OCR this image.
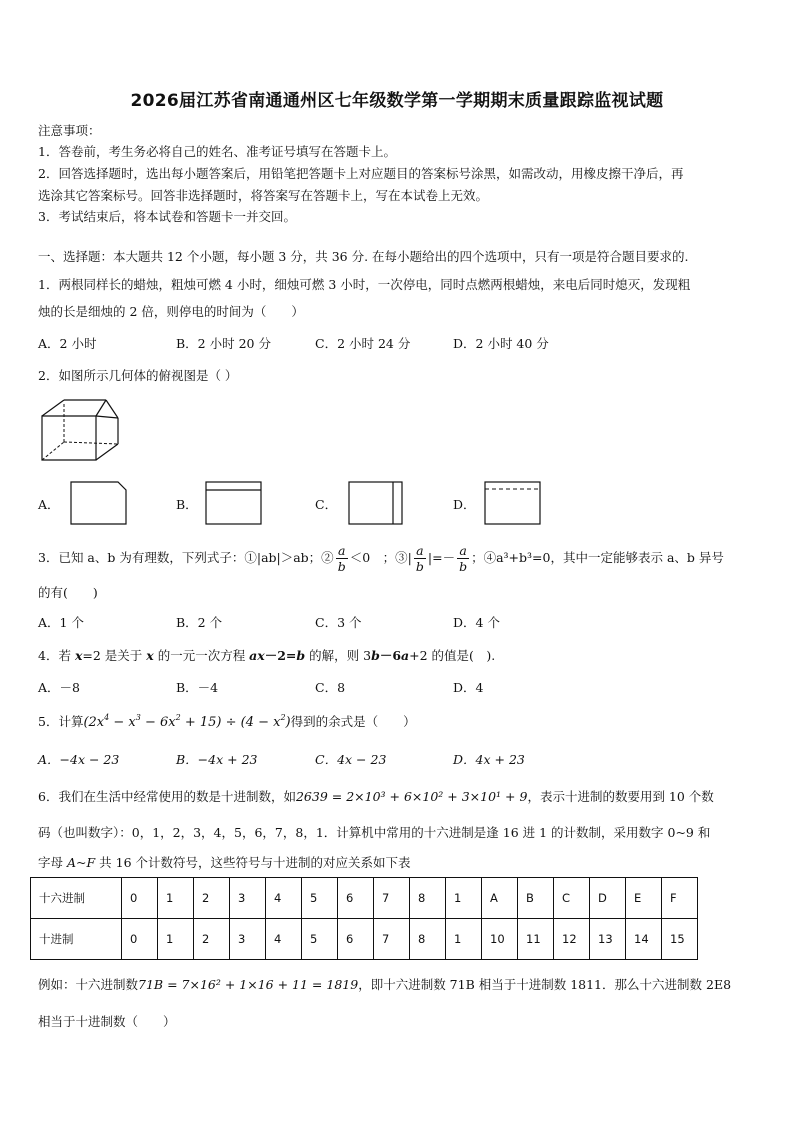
2026届江苏省南通通州区七年级数学第一学期期末质量跟踪监视试题
注意事项：
1．答卷前，考生务必将自己的姓名、准考证号填写在答题卡上。
2．回答选择题时，选出每小题答案后，用铅笔把答题卡上对应题目的答案标号涂黑，如需改动，用橡皮擦干净后，再
选涂其它答案标号。回答非选择题时，将答案写在答题卡上，写在本试卷上无效。
3．考试结束后，将本试卷和答题卡一并交回。
一、选择题：本大题共 12 个小题，每小题 3 分，共 36 分. 在每小题给出的四个选项中，只有一项是符合题目要求的.
1．两根同样长的蜡烛，粗烛可燃 4 小时，细烛可燃 3 小时，一次停电，同时点燃两根蜡烛，来电后同时熄灭，发现粗
烛的长是细烛的 2 倍，则停电的时间为（　　）
A．2 小时	B．2 小时 20 分	C．2 小时 24 分	D．2 小时 40 分
2．如图所示几何体的俯视图是（ ）
A．	B．	C．	D．
3．已知 a、b 为有理数，下列式子：①|ab|＞ab；② $\frac{a}{b} <0$　；③| $\frac{a}{b}$ |=－ $\frac{a}{b}$ ；④a³+b³=0，其中一定能够表示 a、b 异号
的有(　　)
A．1 个	B．2 个	C．3 个	D．4 个
4．若 x=2 是关于 x 的一元一次方程 ax－2=b 的解，则 3b－6a+2 的值是(　).
A．－8	B．－4	C．8	D．4
5．计算$(2x^4 - x^3 - 6x^2 + 15) \div (4 - x^2)$得到的余式是（　　）
A．−4x − 23	B．−4x + 23	C．4x − 23	D．4x + 23
6．我们在生活中经常使用的数是十进制数，如2639 = 2×10³ + 6×10² + 3×10¹ + 9，表示十进制的数要用到 10 个数
码（也叫数字）：0，1，2，3，4，5，6，7，8，1．计算机中常用的十六进制是逢 16 进 1 的计数制，采用数字 0~9 和
字母 A~F 共 16 个计数符号，这些符号与十进制的对应关系如下表
十六进制	0	1	2	3	4	5	6	7	8	1	A	B	C	D	E	F
十进制	0	1	2	3	4	5	6	7	8	1	10	11	12	13	14	15
例如：十六进制数71B = 7×16² + 1×16 + 11 = 1819，即十六进制数 71B 相当于十进制数 1811．那么十六进制数 2E8
相当于十进制数（　　）
